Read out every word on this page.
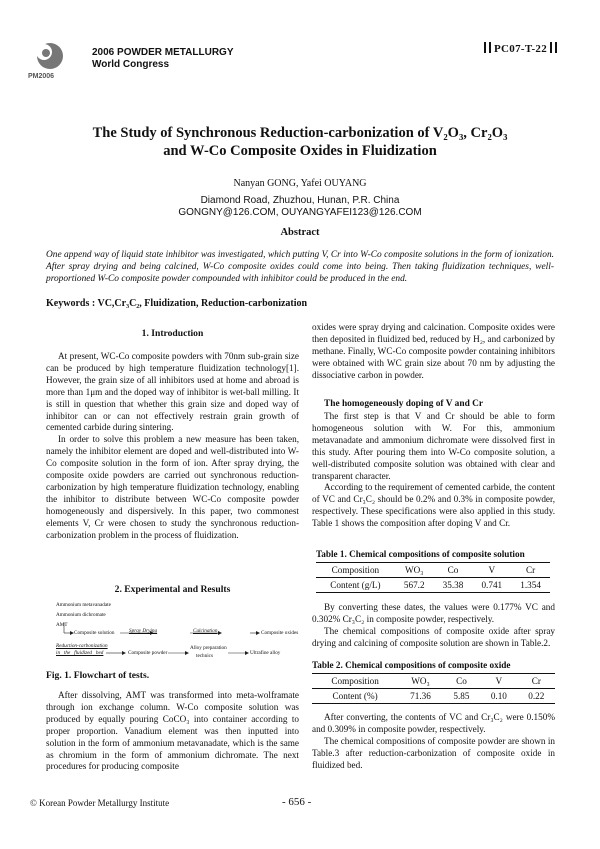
PM2006
2006 POWDER METALLURGY
World Congress
PC07-T-22
The Study of Synchronous Reduction-carbonization of V₂O₃, Cr₂O₃
and W-Co Composite Oxides in Fluidization
Nanyan GONG, Yafei OUYANG
Diamond Road, Zhuzhou, Hunan, P.R. China
GONGNY@126.COM, OUYANGYAFEI123@126.COM
Abstract
One append way of liquid state inhibitor was investigated, which putting V, Cr into W-Co composite solutions in the form of ionization. After spray drying and being calcined, W-Co composite oxides could come into being. Then taking fluidization techniques, well-proportioned W-Co composite powder compounded with inhibitor could be produced in the end.
Keywords : VC,Cr₃C₂, Fluidization, Reduction-carbonization
1. Introduction

At present, WC-Co composite powders with 70nm sub-grain size can be produced by high temperature fluidization technology[1]. However, the grain size of all inhibitors used at home and abroad is more than 1μm and the doped way of inhibitor is wet-ball milling. It is still in question that whether this grain size and doped way of inhibitor can or can not effectively restrain grain growth of cemented carbide during sintering.

In order to solve this problem a new measure has been taken, namely the inhibitor element are doped and well-distributed into W-Co composite solution in the form of ion. After spray drying, the composite oxide powders are carried out synchronous reduction-carbonization by high temperature fluidization technology, enabling the inhibitor to distribute between WC-Co composite powder homogeneously and dispersively. In this paper, two commonest elements V, Cr were chosen to study the synchronous reduction-carbonization problem in the process of fluidization.

2. Experimental and Results
Ammonium metavanadate
Ammonium dichromate
AMT
Composite solution	Spray Drying	Calcination	Composite oxides
Reduction-carbonization
in   the   fluidized   bed	Composite powder
Alloy preparation
technics	Ultrafine alloy
Fig. 1. Flowchart of tests.

After dissolving, AMT was transformed into meta-wolframate through ion exchange column. W-Co composite solution was produced by equally pouring CoCO₃ into container according to proper proportion. Vanadium element was then inputted into solution in the form of ammonium metavanadate, which is the same as chromium in the form of ammonium dichromate. The next procedures for producing composite

oxides were spray drying and calcination. Composite oxides were then deposited in fluidized bed, reduced by H₂, and carbonized by methane. Finally, WC-Co composite powder containing inhibitors were obtained with WC grain size about 70 nm by adjusting the dissociative carbon in powder.

The homogeneously doping of V and Cr

The first step is that V and Cr should be able to form homogeneous solution with W. For this, ammonium metavanadate and ammonium dichromate were dissolved first in this study. After pouring them into W-Co composite solution, a well-distributed composite solution was obtained with clear and transparent character.

According to the requirement of cemented carbide, the content of VC and Cr₃C₂ should be 0.2% and 0.3% in composite powder, respectively. These specifications were also applied in this study. Table 1 shows the composition after doping V and Cr.

Table 1. Chemical compositions of composite solution
Composition	WO₃	Co	V	Cr
Content (g/L)	567.2	35.38	0.741	1.354

By converting these dates, the values were 0.177% VC and 0.302% Cr₃C₂ in composite powder, respectively.

The chemical compositions of composite oxide after spray drying and calcining of composite solution are shown in Table.2.

Table 2. Chemical compositions of composite oxide
Composition	WO₃	Co	V	Cr
Content (%)	71.36	5.85	0.10	0.22

After converting, the contents of VC and Cr₃C₂ were 0.150% and 0.309% in composite powder, respectively.

The chemical compositions of composite powder are shown in Table.3 after reduction-carbonization of composite oxide in fluidized bed.

© Korean Powder Metallurgy Institute	- 656 -
